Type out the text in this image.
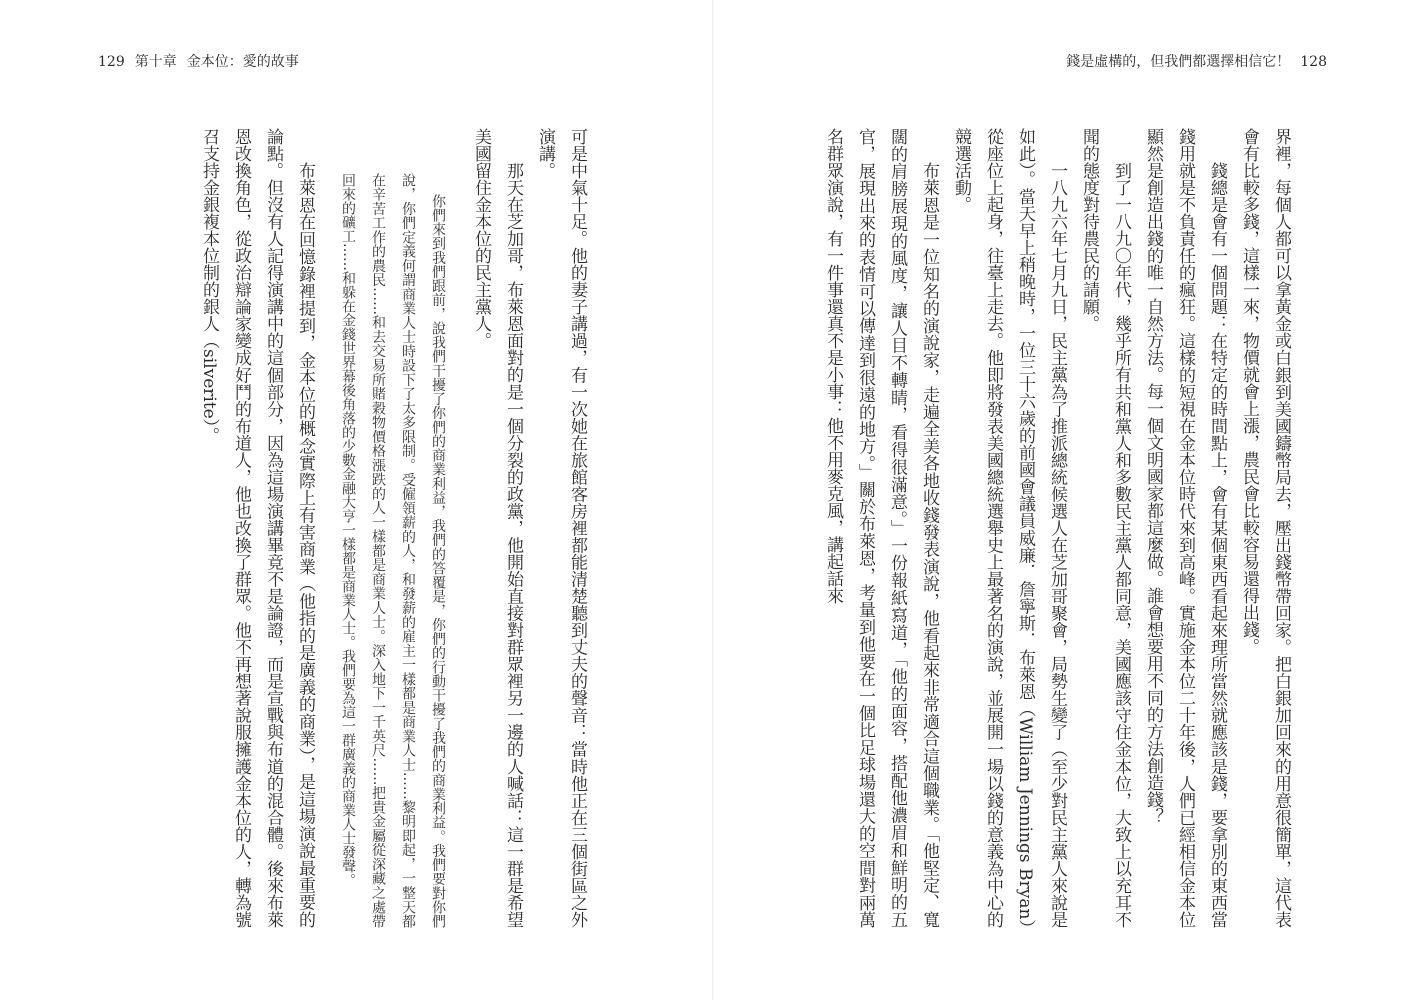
129 第十章 金本位：愛的故事

可是中氣十足。他的妻子講過，有一次她在旅館客房裡都能清楚聽到丈夫的聲音：當時他正在三個街區之外演講。

那天在芝加哥，布萊恩面對的是一個分裂的政黨，他開始直接對群眾裡另一邊的人喊話：這一群是希望美國留住金本位的民主黨人。

你們來到我們跟前，說我們干擾了你們的商業利益，我們的答覆是，你們的行動干擾了我們的商業利益。我們要對你們說，你們定義何謂商業人士時設下了太多限制。受僱領薪的人，和發薪的雇主一樣都是商業人士……黎明即起，一整天都在辛苦工作的農民……和去交易所賭穀物價格漲跌的人一樣都是商業人士。深入地下一千英尺……把貴金屬從深藏之處帶回來的礦工……和躲在金錢世界幕後角落的少數金融大亨一樣都是商業人士。我們要為這一群廣義的商業人士發聲。

布萊恩在回憶錄裡提到，金本位的概念實際上有害商業（他指的是廣義的商業），是這場演說最重要的論點。但沒有人記得演講中的這個部分，因為這場演講畢竟不是論證，而是宣戰與布道的混合體。後來布萊恩改換角色，從政治辯論家變成好鬥的布道人，他也改換了群眾。他不再想著說服擁護金本位的人，轉為號召支持金銀複本位制的銀人（silverite）。

錢是虛構的，但我們都選擇相信它！ 128

界裡，每個人都可以拿黃金或白銀到美國鑄幣局去，壓出錢幣帶回家。把白銀加回來的用意很簡單，這代表會有比較多錢，這樣一來，物價就會上漲，農民會比較容易還得出錢。

錢總是會有一個問題：在特定的時間點上，會有某個東西看起來理所當然就應該是錢，要拿別的東西當錢用就是不負責任的瘋狂。這樣的短視在金本位時代來到高峰。實施金本位二十年後，人們已經相信金本位顯然是創造出錢的唯一自然方法。每一個文明國家都這麼做。誰會想要用不同的方法創造錢？

到了一八九〇年代，幾乎所有共和黨人和多數民主黨人都同意，美國應該守住金本位，大致上以充耳不聞的態度對待農民的請願。

一八九六年七月九日，民主黨為了推派總統候選人在芝加哥聚會，局勢生變了（至少對民主黨人來說是如此）。當天早上稍晚時，一位三十六歲的前國會議員威廉．詹寧斯．布萊恩（William Jennings Bryan）從座位上起身，往臺上走去。他即將發表美國總統選舉史上最著名的演說，並展開一場以錢的意義為中心的競選活動。

布萊恩是一位知名的演說家，走遍全美各地收錢發表演說，他看起來非常適合這個職業。「他堅定、寬闊的肩膀展現的風度，讓人目不轉睛，看得很滿意。」一份報紙寫道，「他的面容，搭配他濃眉和鮮明的五官，展現出來的表情可以傳達到很遠的地方。」關於布萊恩，考量到他要在一個比足球場還大的空間對兩萬名群眾演說，有一件事還真不是小事：他不用麥克風，講起話來
